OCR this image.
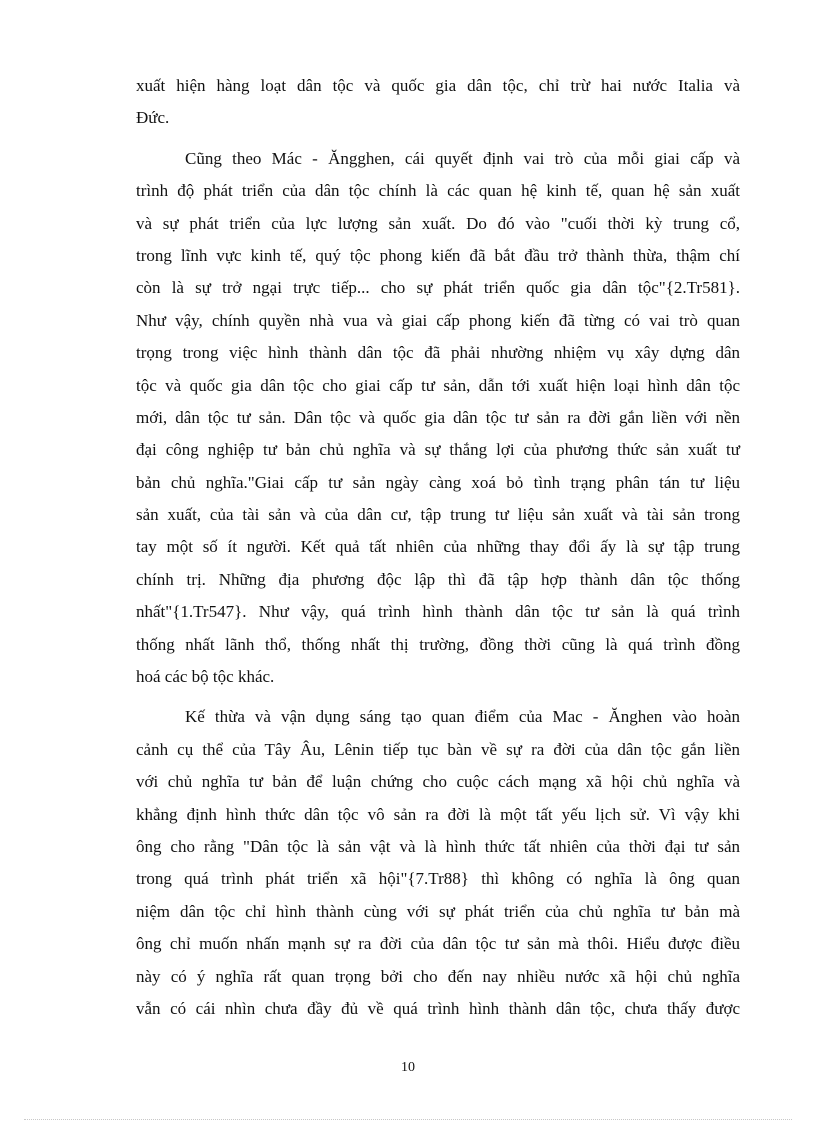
xuất hiện hàng loạt dân tộc và quốc gia dân tộc, chỉ trừ hai nước Italia và
Đức.
Cũng theo Mác - Ăngghen, cái quyết định vai trò của mỗi giai cấp và
trình độ phát triển của dân tộc chính là các quan hệ kinh tế, quan hệ sản xuất
và sự phát triển của lực lượng sản xuất. Do đó vào "cuối thời kỳ trung cổ,
trong lĩnh vực kinh tế, quý tộc phong kiến đã bắt đầu trở thành thừa, thậm chí
còn là sự trở ngại trực tiếp... cho sự phát triển quốc gia dân tộc"{2.Tr581}.
Như vậy, chính quyền nhà vua và giai cấp phong kiến đã từng có vai trò quan
trọng trong việc hình thành dân tộc đã phải nhường nhiệm vụ xây dựng dân
tộc và quốc gia dân tộc cho giai cấp tư sản, dẫn tới xuất hiện loại hình dân tộc
mới, dân tộc tư sản. Dân tộc và quốc gia dân tộc tư sản ra đời gắn liền với nền
đại công nghiệp tư bản chủ nghĩa và sự thắng lợi của phương thức sản xuất tư
bản chủ nghĩa."Giai cấp tư sản ngày càng xoá bỏ tình trạng phân tán tư liệu
sản xuất, của tài sản và của dân cư, tập trung tư liệu sản xuất và tài sản trong
tay một số ít người. Kết quả tất nhiên của những thay đổi ấy là sự tập trung
chính trị. Những địa phương độc lập thì đã tập hợp thành dân tộc thống
nhất"{1.Tr547}. Như vậy, quá trình hình thành dân tộc tư sản là quá trình
thống nhất lãnh thổ, thống nhất thị trường, đồng thời cũng là quá trình đồng
hoá các bộ tộc khác.
Kế thừa và vận dụng sáng tạo quan điểm của Mac - Ănghen vào hoàn
cảnh cụ thể của Tây Âu, Lênin tiếp tục bàn về sự ra đời của dân tộc gắn liền
với chủ nghĩa tư bản để luận chứng cho cuộc cách mạng xã hội chủ nghĩa và
khẳng định hình thức dân tộc vô sản ra đời là một tất yếu lịch sử. Vì vậy khi
ông cho rằng "Dân tộc là sản vật và là hình thức tất nhiên của thời đại tư sản
trong quá trình phát triển xã hội"{7.Tr88} thì không có nghĩa là ông quan
niệm dân tộc chỉ hình thành cùng với sự phát triển của chủ nghĩa tư bản mà
ông chỉ muốn nhấn mạnh sự ra đời của dân tộc tư sản mà thôi. Hiểu được điều
này có ý nghĩa rất quan trọng bởi cho đến nay nhiều nước xã hội chủ nghĩa
vẫn có cái nhìn chưa đầy đủ về quá trình hình thành dân tộc, chưa thấy được
10
